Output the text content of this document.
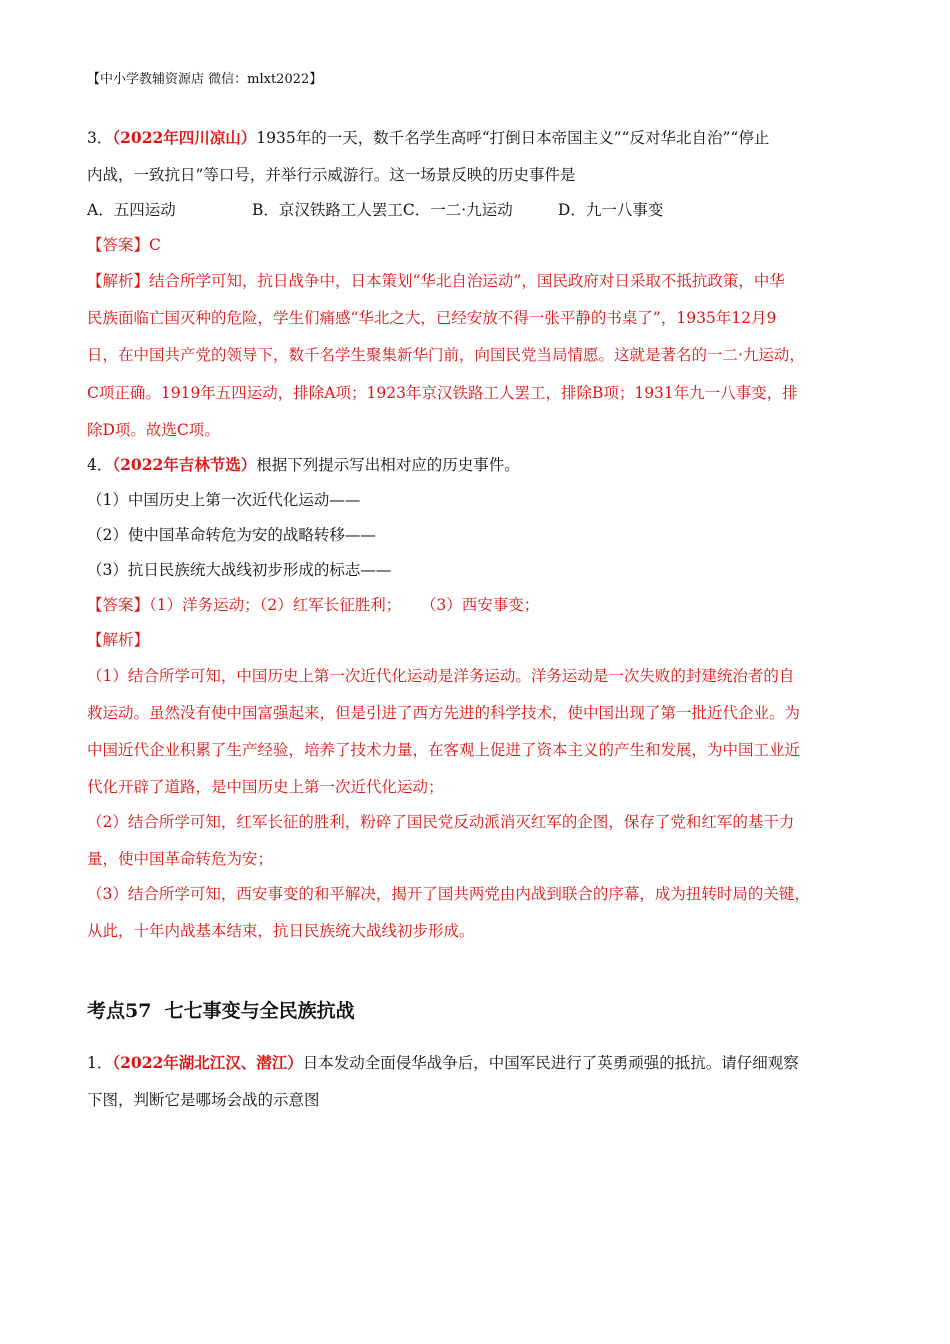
【中小学教辅资源店 微信：mlxt2022】
3．（2022年四川凉山）1935年的一天，数千名学生高呼“打倒日本帝国主义”“反对华北自治”“停止
内战，一致抗日”等口号，并举行示威游行。这一场景反映的历史事件是
A．五四运动	B．京汉铁路工人罢工C．一二·九运动	D．九一八事变
【答案】C
【解析】结合所学可知，抗日战争中，日本策划“华北自治运动”，国民政府对日采取不抵抗政策，中华
民族面临亡国灭种的危险，学生们痛感“华北之大，已经安放不得一张平静的书桌了”，1935年12月9
日，在中国共产党的领导下，数千名学生聚集新华门前，向国民党当局情愿。这就是著名的一二·九运动，
C项正确。1919年五四运动，排除A项；1923年京汉铁路工人罢工，排除B项；1931年九一八事变，排
除D项。故选C项。
4．（2022年吉林节选）根据下列提示写出相对应的历史事件。
（1）中国历史上第一次近代化运动——
（2）使中国革命转危为安的战略转移——
（3）抗日民族统大战线初步形成的标志——
【答案】（1）洋务运动；（2）红军长征胜利；    （3）西安事变；
【解析】
（1）结合所学可知，中国历史上第一次近代化运动是洋务运动。洋务运动是一次失败的封建统治者的自
救运动。虽然没有使中国富强起来，但是引进了西方先进的科学技术，使中国出现了第一批近代企业。为
中国近代企业积累了生产经验，培养了技术力量，在客观上促进了资本主义的产生和发展，为中国工业近
代化开辟了道路，是中国历史上第一次近代化运动；
（2）结合所学可知，红军长征的胜利，粉碎了国民党反动派消灭红军的企图，保存了党和红军的基干力
量，使中国革命转危为安；
（3）结合所学可知，西安事变的和平解决，揭开了国共两党由内战到联合的序幕，成为扭转时局的关键，
从此，十年内战基本结束，抗日民族统大战线初步形成。
考点57  七七事变与全民族抗战
1．（2022年湖北江汉、潜江）日本发动全面侵华战争后，中国军民进行了英勇顽强的抵抗。请仔细观察
下图，判断它是哪场会战的示意图
